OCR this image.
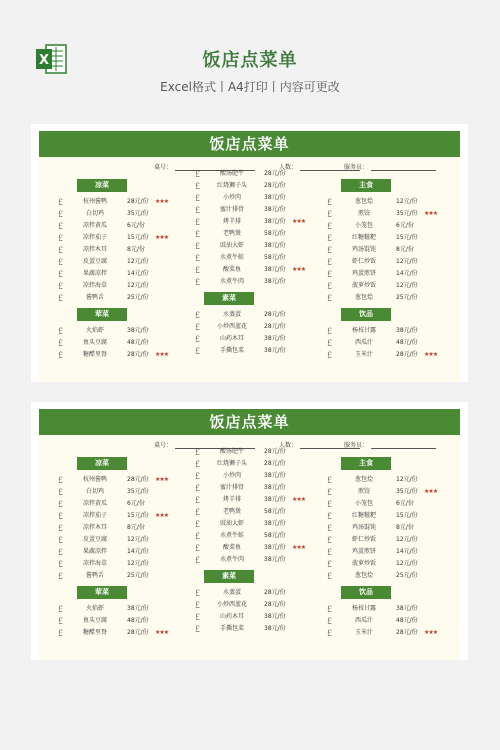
X	饭店点菜单
Excel格式丨A4打印丨内容可更改
饭店点菜单
桌号：	人数：	服务员：
凉菜
￡	杭州酱鸭	28元/份 ★★★
￡	白切鸡	35元/份
￡	凉拌黄瓜	6元/份
￡	凉拌茄子	15元/份 ★★★
￡	凉拌木耳	8元/份
￡	皮蛋豆腐	12元/份
￡	果蔬凉拌	14元/份
￡	凉拌海草	12元/份
￡	酱鸭舌	25元/份
荤菜
￡	火焰虾	38元/份
￡	鱼头豆腐	48元/份
￡	糖醋里脊	28元/份 ★★★
￡	酸汤肥牛	28元/份
￡	红烧狮子头	28元/份
￡	小炒肉	38元/份
￡	蜜汁排骨	38元/份
￡	烤羊排	38元/份 ★★★
￡	老鸭煲	58元/份
￡	豉油大虾	38元/份
￡	水煮牛蛙	58元/份
￡	酸菜鱼	38元/份 ★★★
￡	水煮牛肉	38元/份
素菜
￡	水蒸蛋	28元/份
￡	小炒西蓝花	28元/份
￡	山药木耳	38元/份
￡	手撕包菜	38元/份
主食
￡	葱包烩	12元/份
￡	煎饺	35元/份 ★★★
￡	小笼包	6元/份
￡	红糖糍粑	15元/份
￡	鸡汤馄饨	8元/份
￡	虾仁炒饭	12元/份
￡	鸡蛋煎饼	14元/份
￡	菠萝炒饭	12元/份
￡	葱包烩	25元/份
饮品
￡	杨枝甘露	38元/份
￡	西瓜汁	48元/份
￡	玉米汁	28元/份 ★★★
饭店点菜单
桌号：	人数：	服务员：
凉菜
￡	杭州酱鸭	28元/份 ★★★
￡	白切鸡	35元/份
￡	凉拌黄瓜	6元/份
￡	凉拌茄子	15元/份 ★★★
￡	凉拌木耳	8元/份
￡	皮蛋豆腐	12元/份
￡	果蔬凉拌	14元/份
￡	凉拌海草	12元/份
￡	酱鸭舌	25元/份
荤菜
￡	火焰虾	38元/份
￡	鱼头豆腐	48元/份
￡	糖醋里脊	28元/份 ★★★
￡	酸汤肥牛	28元/份
￡	红烧狮子头	28元/份
￡	小炒肉	38元/份
￡	蜜汁排骨	38元/份
￡	烤羊排	38元/份 ★★★
￡	老鸭煲	58元/份
￡	豉油大虾	38元/份
￡	水煮牛蛙	58元/份
￡	酸菜鱼	38元/份 ★★★
￡	水煮牛肉	38元/份
素菜
￡	水蒸蛋	28元/份
￡	小炒西蓝花	28元/份
￡	山药木耳	38元/份
￡	手撕包菜	38元/份
主食
￡	葱包烩	12元/份
￡	煎饺	35元/份 ★★★
￡	小笼包	6元/份
￡	红糖糍粑	15元/份
￡	鸡汤馄饨	8元/份
￡	虾仁炒饭	12元/份
￡	鸡蛋煎饼	14元/份
￡	菠萝炒饭	12元/份
￡	葱包烩	25元/份
饮品
￡	杨枝甘露	38元/份
￡	西瓜汁	48元/份
￡	玉米汁	28元/份 ★★★
